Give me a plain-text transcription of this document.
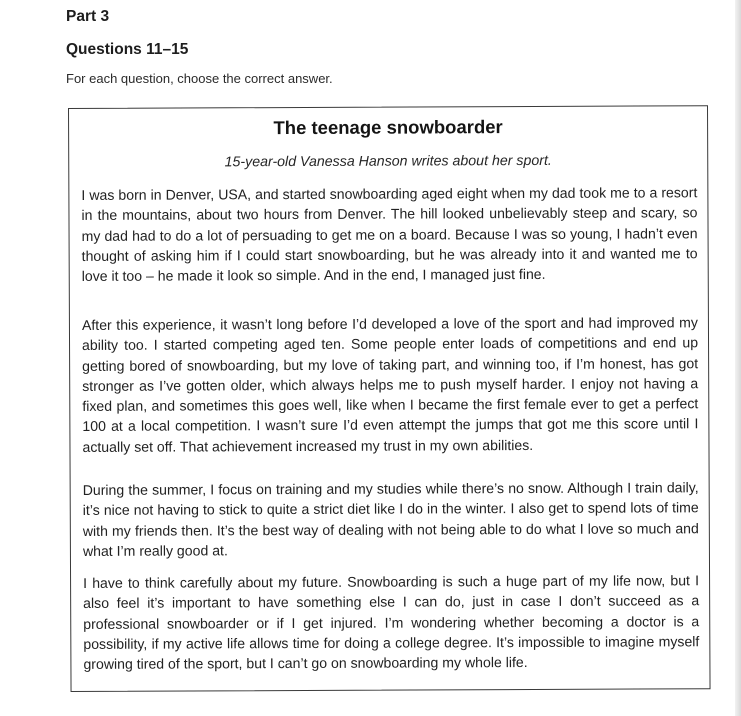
Part 3
Questions 11–15

For each question, choose the correct answer.

The teenage snowboarder

15-year-old Vanessa Hanson writes about her sport.

I was born in Denver, USA, and started snowboarding aged eight when my dad took me to a resort in the mountains, about two hours from Denver. The hill looked unbelievably steep and scary, so my dad had to do a lot of persuading to get me on a board. Because I was so young, I hadn’t even thought of asking him if I could start snowboarding, but he was already into it and wanted me to love it too – he made it look so simple. And in the end, I managed just fine.

After this experience, it wasn’t long before I’d developed a love of the sport and had improved my ability too. I started competing aged ten. Some people enter loads of competitions and end up getting bored of snowboarding, but my love of taking part, and winning too, if I’m honest, has got stronger as I’ve gotten older, which always helps me to push myself harder. I enjoy not having a fixed plan, and sometimes this goes well, like when I became the first female ever to get a perfect 100 at a local competition. I wasn’t sure I’d even attempt the jumps that got me this score until I actually set off. That achievement increased my trust in my own abilities.

During the summer, I focus on training and my studies while there’s no snow. Although I train daily, it’s nice not having to stick to quite a strict diet like I do in the winter. I also get to spend lots of time with my friends then. It’s the best way of dealing with not being able to do what I love so much and what I’m really good at.

I have to think carefully about my future. Snowboarding is such a huge part of my life now, but I also feel it’s important to have something else I can do, just in case I don’t succeed as a professional snowboarder or if I get injured. I’m wondering whether becoming a doctor is a possibility, if my active life allows time for doing a college degree. It’s impossible to imagine myself growing tired of the sport, but I can’t go on snowboarding my whole life.
